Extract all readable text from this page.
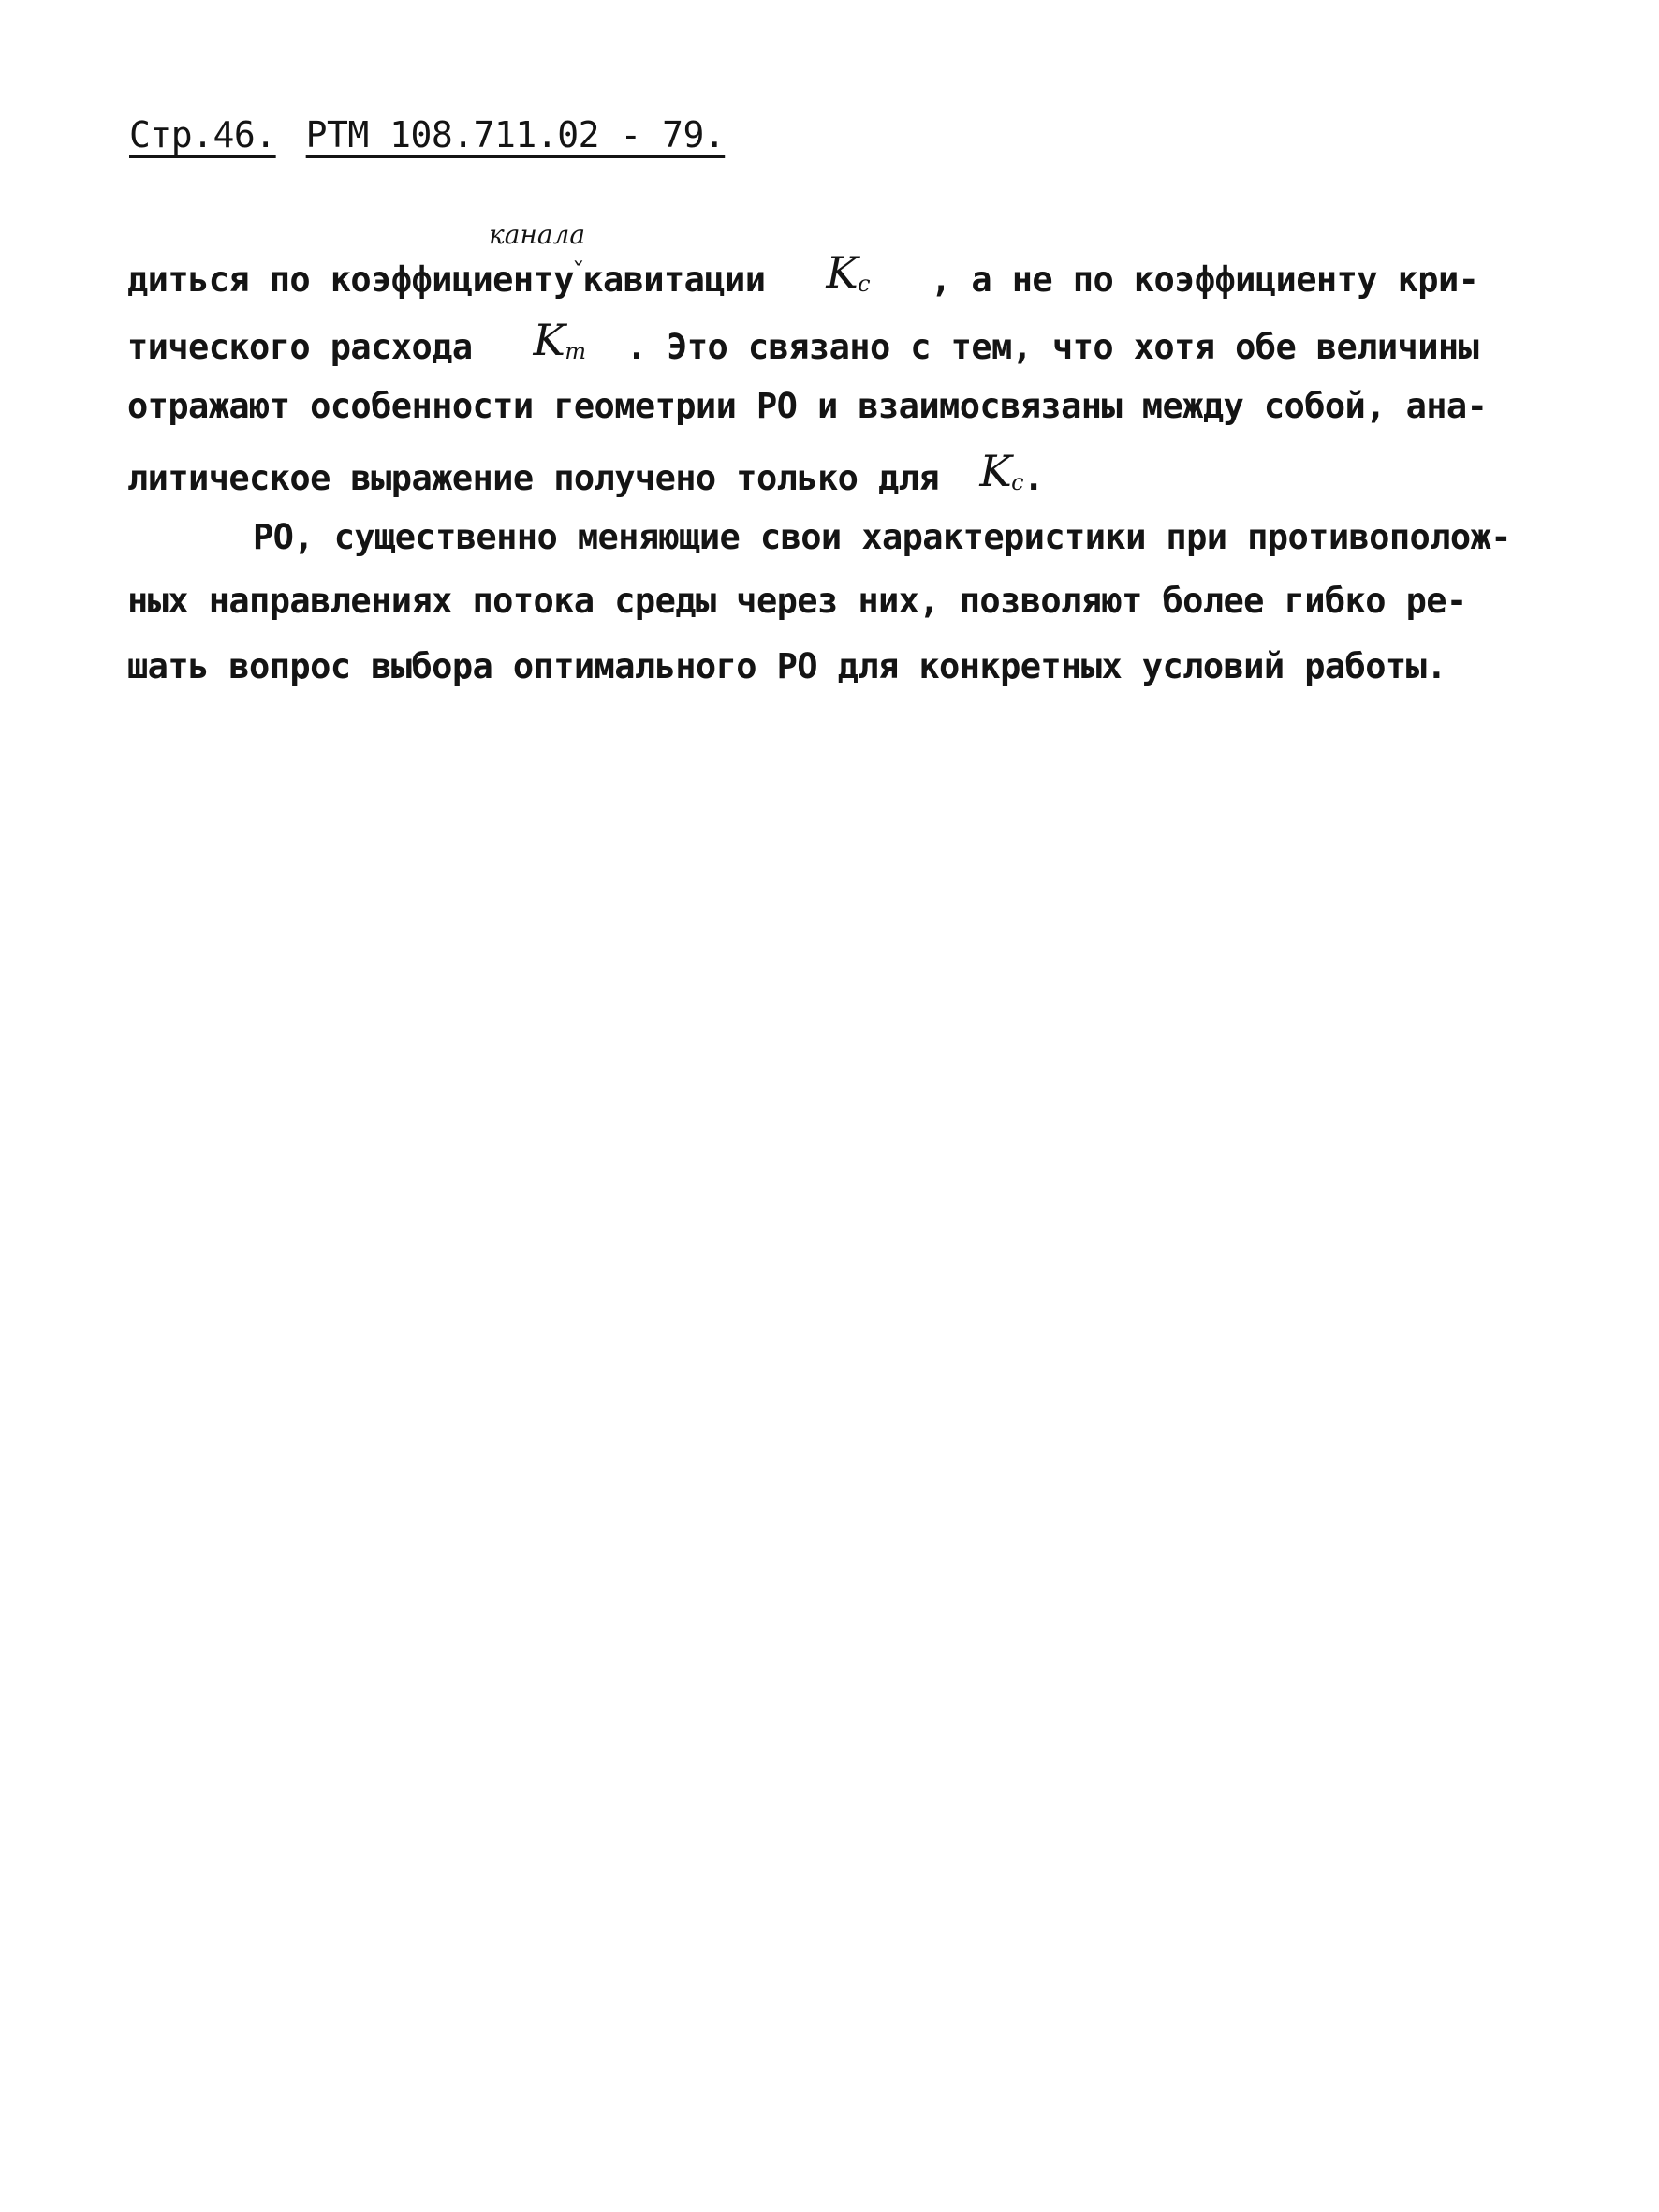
Стр.46. РТМ 108.711.02 - 79.
канала
диться по коэффициентуˇкавитации $K_c$ , а не по коэффициенту кри-
тического расхода $K_m$ . Это связано с тем, что хотя обе величины
отражают особенности геометрии РО и взаимосвязаны между собой, ана-
литическое выражение получено только для $K_c$.
РО, существенно меняющие свои характеристики при противополож-
ных направлениях потока среды через них, позволяют более гибко ре-
шать вопрос выбора оптимального РО для конкретных условий работы.
